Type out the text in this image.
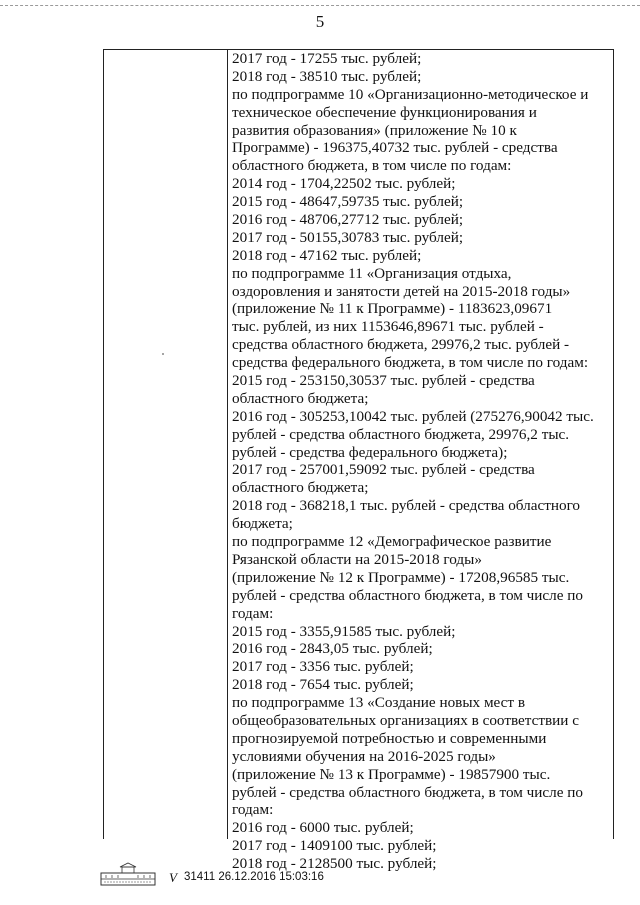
5
2017 год - 17255 тыс. рублей;
2018 год - 38510 тыс. рублей;
по подпрограмме 10 «Организационно-методическое и
техническое обеспечение функционирования и
развития образования» (приложение № 10 к
Программе) - 196375,40732 тыс. рублей - средства
областного бюджета, в том числе по годам:
2014 год - 1704,22502 тыс. рублей;
2015 год - 48647,59735 тыс. рублей;
2016 год - 48706,27712 тыс. рублей;
2017 год - 50155,30783 тыс. рублей;
2018 год - 47162 тыс. рублей;
по подпрограмме 11 «Организация отдыха,
оздоровления и занятости детей на 2015-2018 годы»
(приложение № 11 к Программе) - 1183623,09671
тыс. рублей, из них 1153646,89671 тыс. рублей -
средства областного бюджета, 29976,2 тыс. рублей -
средства федерального бюджета, в том числе по годам:
2015 год - 253150,30537 тыс. рублей - средства
областного бюджета;
2016 год - 305253,10042 тыс. рублей (275276,90042 тыс.
рублей - средства областного бюджета, 29976,2 тыс.
рублей - средства федерального бюджета);
2017 год - 257001,59092 тыс. рублей - средства
областного бюджета;
2018 год - 368218,1 тыс. рублей - средства областного
бюджета;
по подпрограмме 12 «Демографическое развитие
Рязанской области на 2015-2018 годы»
(приложение № 12 к Программе) - 17208,96585 тыс.
рублей - средства областного бюджета, в том числе по
годам:
2015 год - 3355,91585 тыс. рублей;
2016 год - 2843,05 тыс. рублей;
2017 год - 3356 тыс. рублей;
2018 год - 7654 тыс. рублей;
по подпрограмме 13 «Создание новых мест в
общеобразовательных организациях в соответствии с
прогнозируемой потребностью и современными
условиями обучения на 2016-2025 годы»
(приложение № 13 к Программе) - 19857900 тыс.
рублей - средства областного бюджета, в том числе по
годам:
2016 год - 6000 тыс. рублей;
2017 год - 1409100 тыс. рублей;
2018 год - 2128500 тыс. рублей;
V 31411 26.12.2016 15:03:16
